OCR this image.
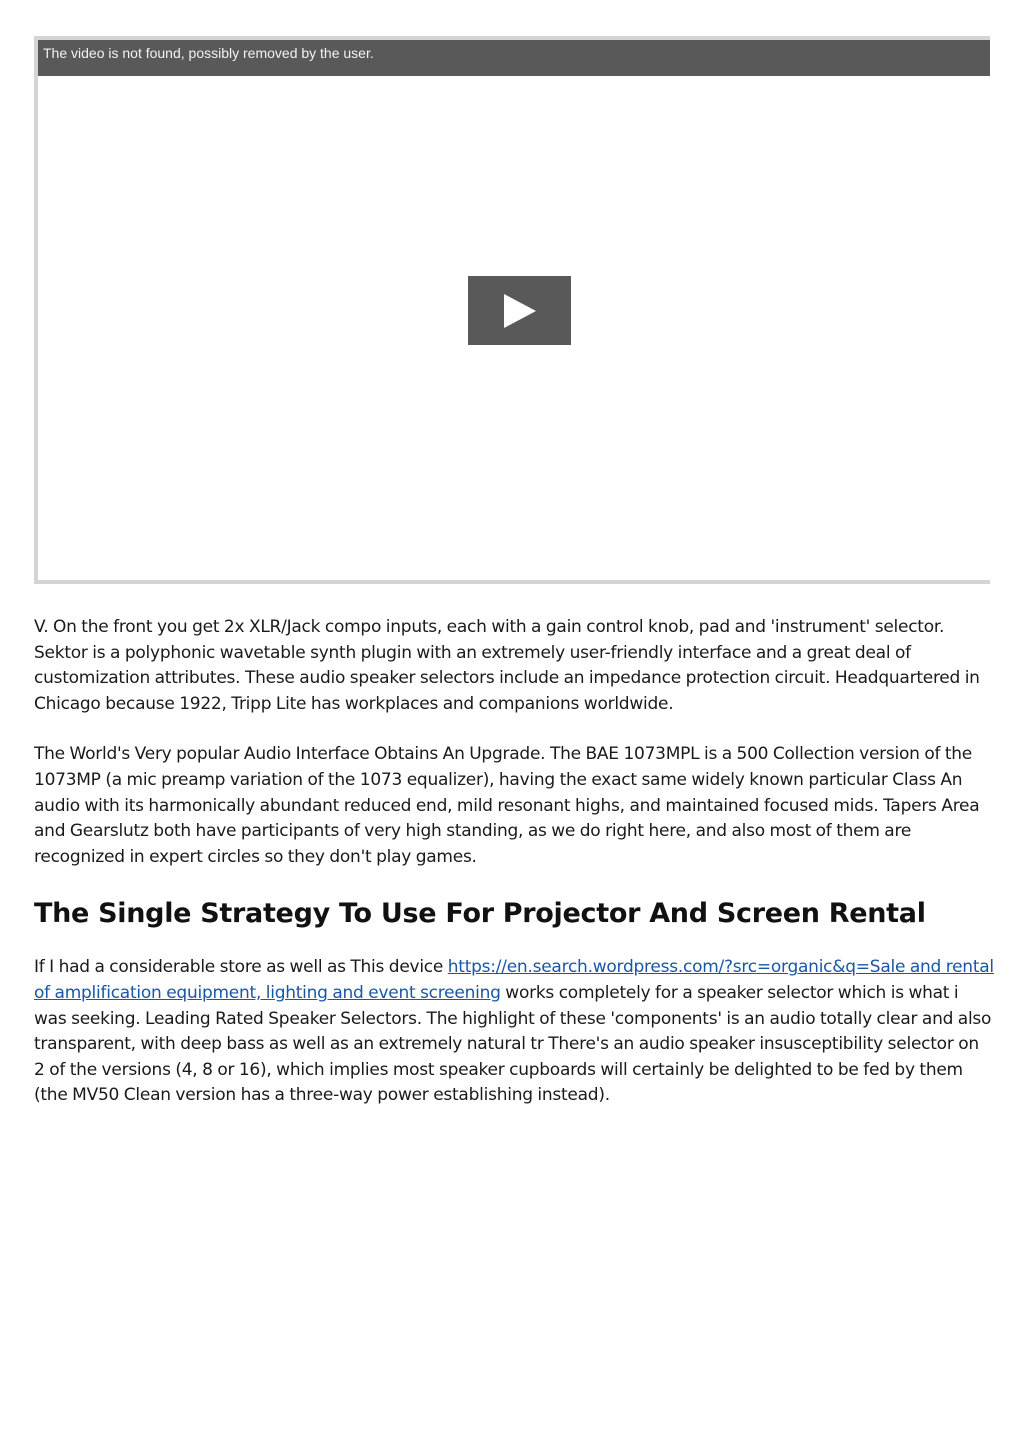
The video is not found, possibly removed by the user.

V. On the front you get 2x XLR/Jack compo inputs, each with a gain control knob, pad and 'instrument' selector. Sektor is a polyphonic wavetable synth plugin with an extremely user-friendly interface and a great deal of customization attributes. These audio speaker selectors include an impedance protection circuit. Headquartered in Chicago because 1922, Tripp Lite has workplaces and companions worldwide.

The World's Very popular Audio Interface Obtains An Upgrade. The BAE 1073MPL is a 500 Collection version of the 1073MP (a mic preamp variation of the 1073 equalizer), having the exact same widely known particular Class An audio with its harmonically abundant reduced end, mild resonant highs, and maintained focused mids. Tapers Area and Gearslutz both have participants of very high standing, as we do right here, and also most of them are recognized in expert circles so they don't play games.

The Single Strategy To Use For Projector And Screen Rental

If I had a considerable store as well as This device https://en.search.wordpress.com/?src=organic&q=Sale and rental of amplification equipment, lighting and event screening works completely for a speaker selector which is what i was seeking. Leading Rated Speaker Selectors. The highlight of these 'components' is an audio totally clear and also transparent, with deep bass as well as an extremely natural tr There's an audio speaker insusceptibility selector on 2 of the versions (4, 8 or 16), which implies most speaker cupboards will certainly be delighted to be fed by them (the MV50 Clean version has a three-way power establishing instead).
